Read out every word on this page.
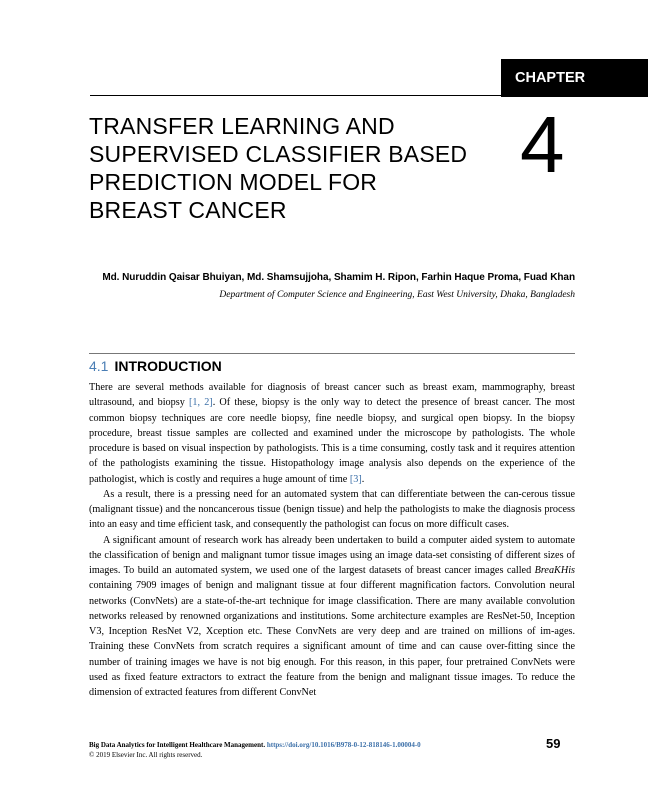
CHAPTER
TRANSFER LEARNING AND
SUPERVISED CLASSIFIER BASED
PREDICTION MODEL FOR
BREAST CANCER
4
Md. Nuruddin Qaisar Bhuiyan, Md. Shamsujjoha, Shamim H. Ripon, Farhin Haque Proma, Fuad Khan
Department of Computer Science and Engineering, East West University, Dhaka, Bangladesh
4.1 INTRODUCTION

There are several methods available for diagnosis of breast cancer such as breast exam, mammography, breast ultrasound, and biopsy [1, 2]. Of these, biopsy is the only way to detect the presence of breast cancer. The most common biopsy techniques are core needle biopsy, fine needle biopsy, and surgical open biopsy. In the biopsy procedure, breast tissue samples are collected and examined under the microscope by pathologists. The whole procedure is based on visual inspection by pathologists. This is a time consuming, costly task and it requires attention of the pathologists examining the tissue. Histopathology image analysis also depends on the experience of the pathologist, which is costly and requires a huge amount of time [3].

As a result, there is a pressing need for an automated system that can differentiate between the can-cerous tissue (malignant tissue) and the noncancerous tissue (benign tissue) and help the pathologists to make the diagnosis process into an easy and time efficient task, and consequently the pathologist can focus on more difficult cases.

A significant amount of research work has already been undertaken to build a computer aided system to automate the classification of benign and malignant tumor tissue images using an image data-set consisting of different sizes of images. To build an automated system, we used one of the largest datasets of breast cancer images called BreaKHis containing 7909 images of benign and malignant tissue at four different magnification factors. Convolution neural networks (ConvNets) are a state-of-the-art technique for image classification. There are many available convolution networks released by renowned organizations and institutions. Some architecture examples are ResNet-50, Inception V3, Inception ResNet V2, Xception etc. These ConvNets are very deep and are trained on millions of im-ages. Training these ConvNets from scratch requires a significant amount of time and can cause over-fitting since the number of training images we have is not big enough. For this reason, in this paper, four pretrained ConvNets were used as fixed feature extractors to extract the feature from the benign and malignant tissue images. To reduce the dimension of extracted features from different ConvNet

Big Data Analytics for Intelligent Healthcare Management. https://doi.org/10.1016/B978-0-12-818146-1.00004-0
© 2019 Elsevier Inc. All rights reserved.
59
